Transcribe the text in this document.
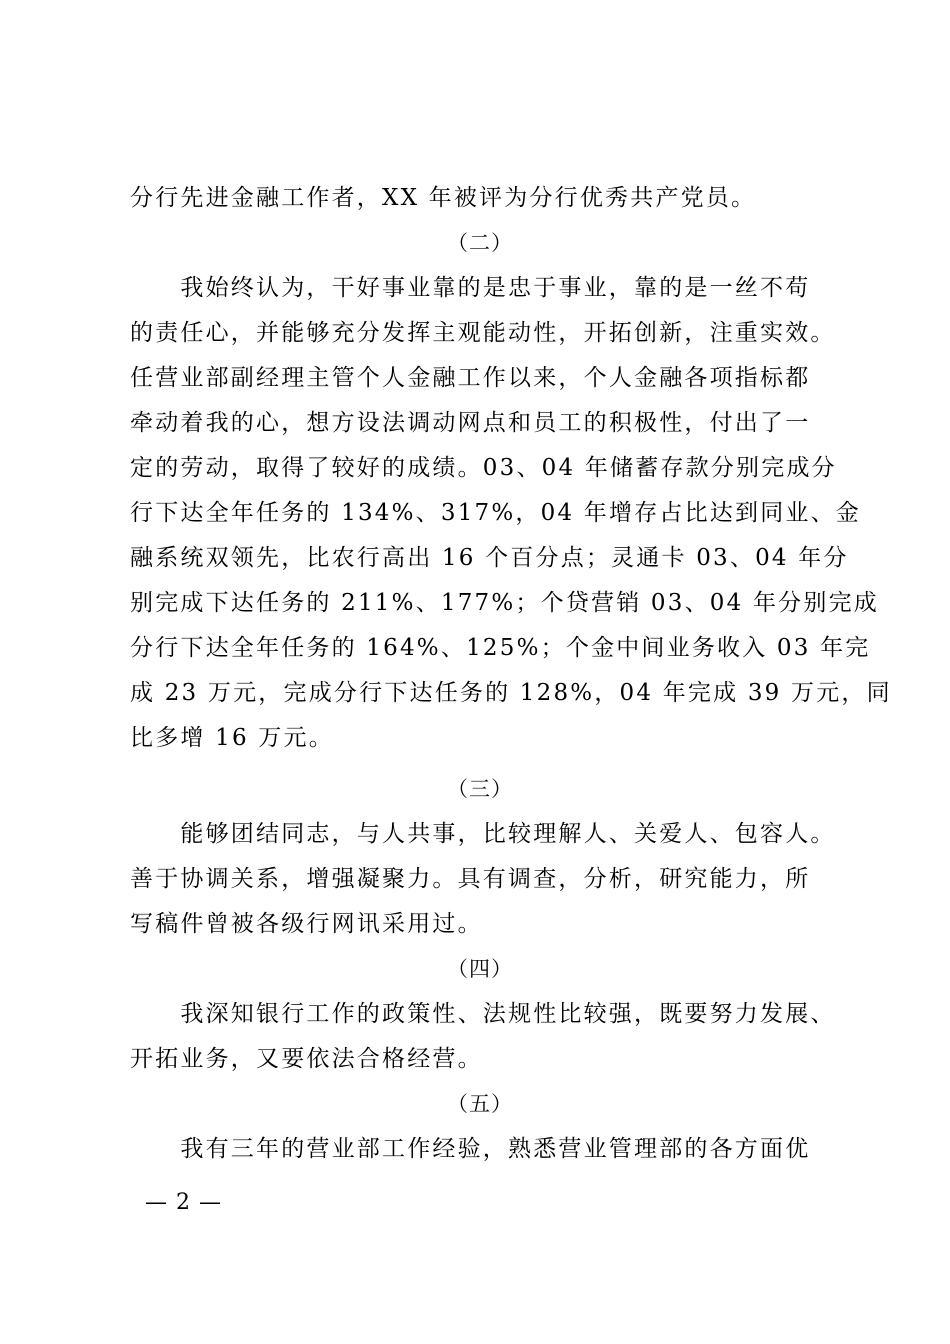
分行先进金融工作者，XX 年被评为分行优秀共产党员。
（二）
　　我始终认为，干好事业靠的是忠于事业，靠的是一丝不苟
的责任心，并能够充分发挥主观能动性，开拓创新，注重实效。
任营业部副经理主管个人金融工作以来，个人金融各项指标都
牵动着我的心，想方设法调动网点和员工的积极性，付出了一
定的劳动，取得了较好的成绩。03、04 年储蓄存款分别完成分
行下达全年任务的 134%、317%，04 年增存占比达到同业、金
融系统双领先，比农行高出 16 个百分点；灵通卡 03、04 年分
别完成下达任务的 211%、177%；个贷营销 03、04 年分别完成
分行下达全年任务的 164%、125%；个金中间业务收入 03 年完
成 23 万元，完成分行下达任务的 128%，04 年完成 39 万元，同
比多增 16 万元。
（三）
　　能够团结同志，与人共事，比较理解人、关爱人、包容人。
善于协调关系，增强凝聚力。具有调查，分析，研究能力，所
写稿件曾被各级行网讯采用过。
（四）
　　我深知银行工作的政策性、法规性比较强，既要努力发展、
开拓业务，又要依法合格经营。
（五）
　　我有三年的营业部工作经验，熟悉营业管理部的各方面优
— 2 —
